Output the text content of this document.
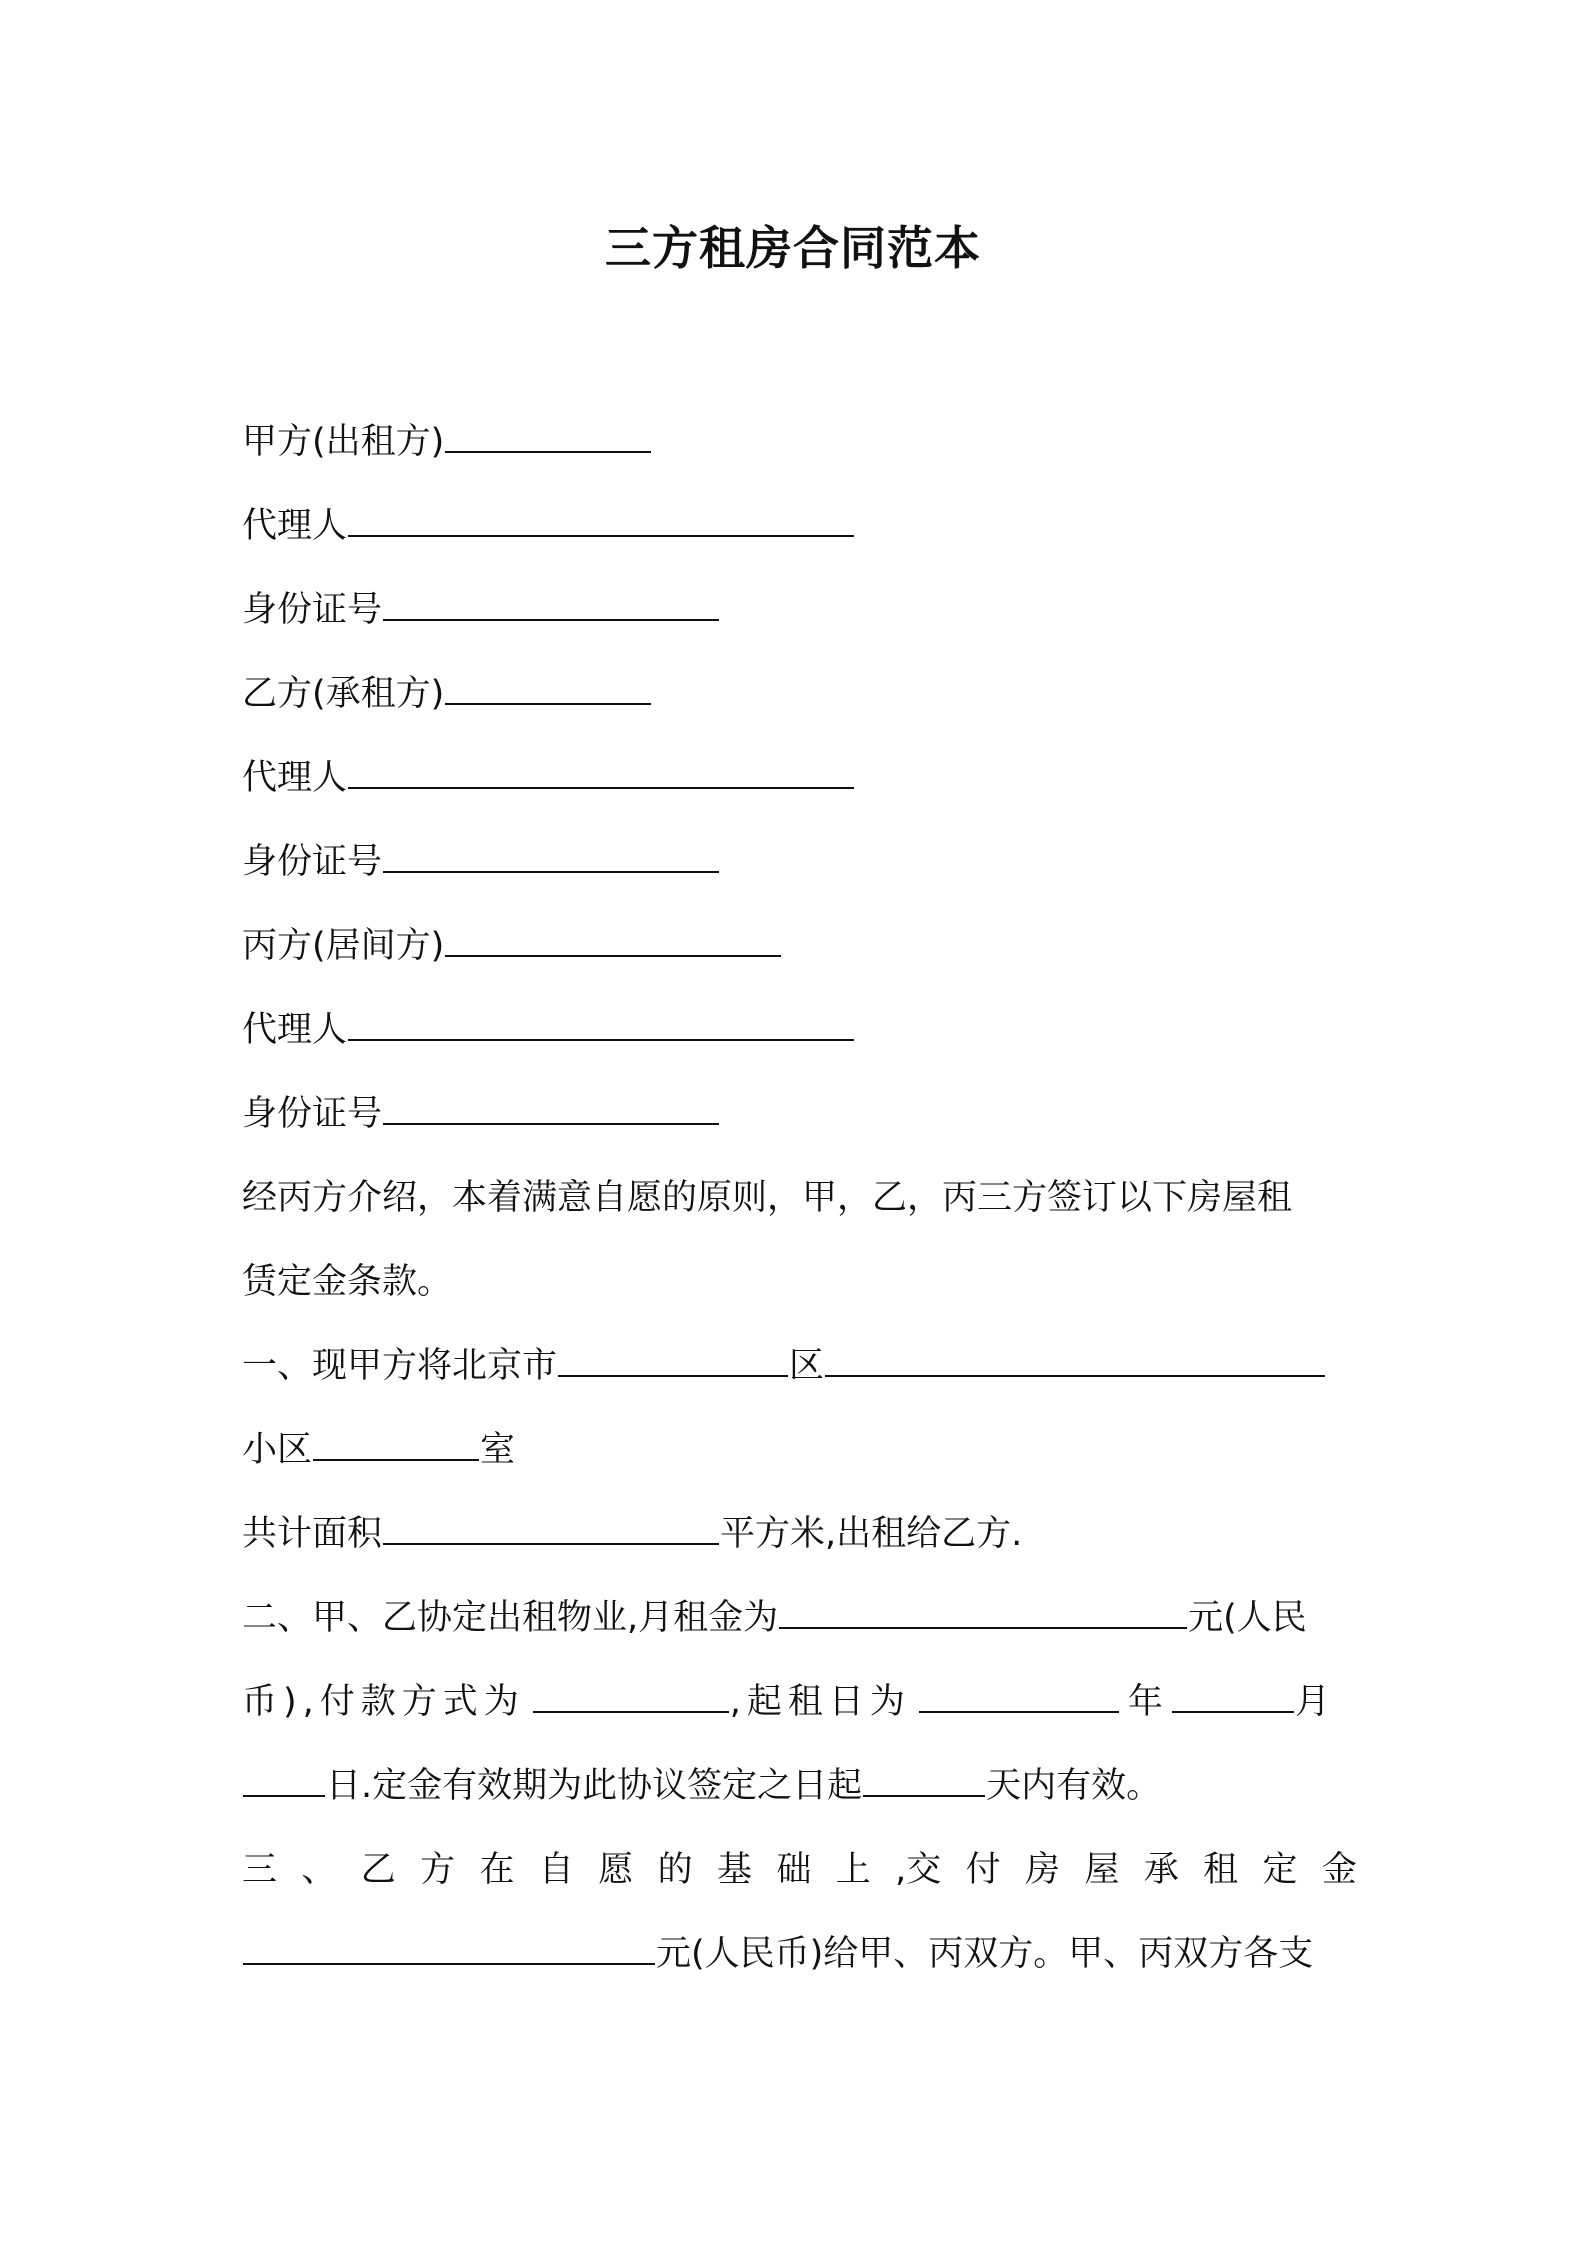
三方租房合同范本
甲方(出租方)
代理人
身份证号
乙方(承租方)
代理人
身份证号
丙方(居间方)
代理人
身份证号
经丙方介绍，本着满意自愿的原则，甲，乙，丙三方签订以下房屋租
赁定金条款。
一、现甲方将北京市	区
小区	室
共计面积	平方米,出租给乙方.
二、甲、乙协定出租物业,月租金为	元(人民
币),付款方式为	,起租日为	年	月
日.定金有效期为此协议签定之日起	天内有效。
三 、 乙 方 在 自 愿 的 基 础 上 ,交 付 房 屋 承 租 定 金
元(人民币)给甲、丙双方。甲、丙双方各支
